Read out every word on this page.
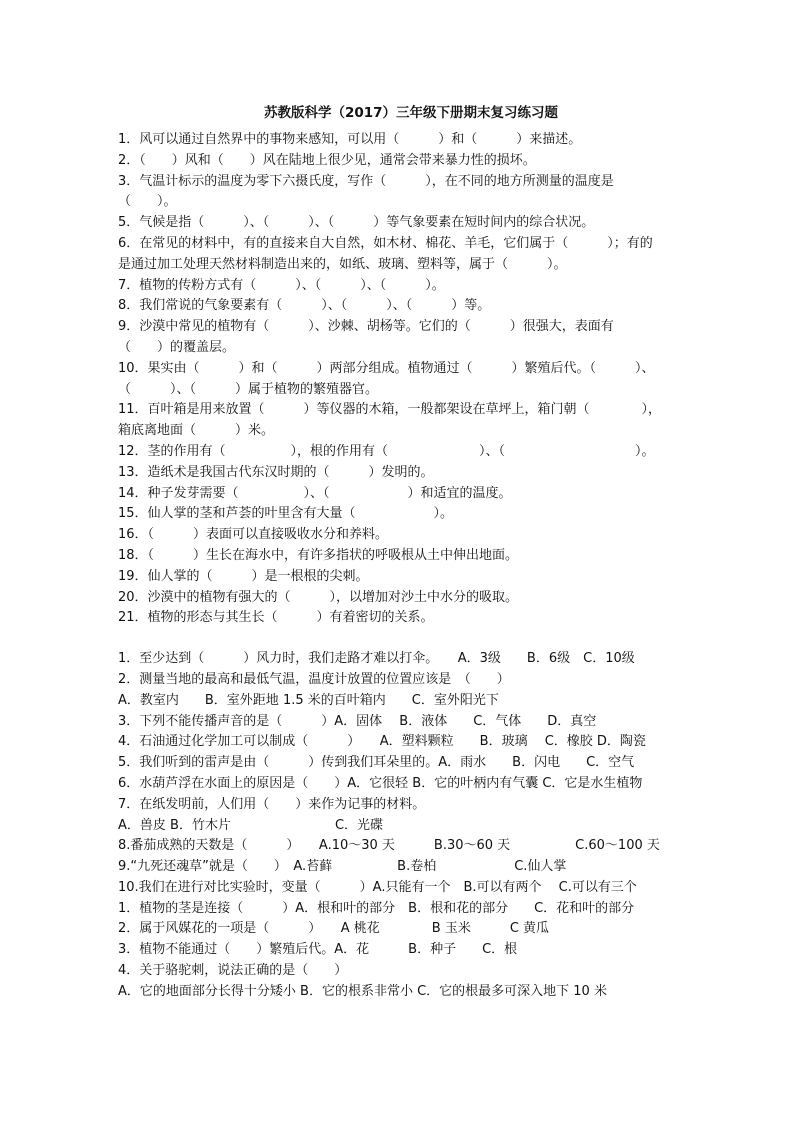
苏教版科学（2017）三年级下册期末复习练习题

1．风可以通过自然界中的事物来感知，可以用（　　　）和（　　　）来描述。

2．（　　）风和（　　）风在陆地上很少见，通常会带来暴力性的损坏。

3．气温计标示的温度为零下六摄氏度，写作（　　　），在不同的地方所测量的温度是

（　　）。

5．气候是指（　　　）、（　　　）、（　　　）等气象要素在短时间内的综合状况。

6．在常见的材料中，有的直接来自大自然，如木材、棉花、羊毛，它们属于（　　　）；有的

是通过加工处理天然材料制造出来的，如纸、玻璃、塑料等，属于（　　　）。

7．植物的传粉方式有（　　　）、（　　　）、（　　　）。

8．我们常说的气象要素有（　　　）、（　　　）、（　　　）等。

9．沙漠中常见的植物有（　　　）、沙棘、胡杨等。它们的（　　　）很强大，表面有

（　　）的覆盖层。

10．果实由（　　　）和（　　　）两部分组成。植物通过（　　　）繁殖后代。（　　　）、

（　　　）、（　　　）属于植物的繁殖器官。

11．百叶箱是用来放置（　　　）等仪器的木箱，一般都架设在草坪上，箱门朝（　　　　），

箱底离地面（　　　）米。

12．茎的作用有（　　　　　），根的作用有（　　　　　　　）、（　　　　　　　　　　）。

13．造纸术是我国古代东汉时期的（　　　）发明的。

14．种子发芽需要（　　　　　）、（　　　　　　）和适宜的温度。

15．仙人掌的茎和芦荟的叶里含有大量（　　　　　　）。

16．（　　　）表面可以直接吸收水分和养料。

18．（　　　）生长在海水中，有许多指状的呼吸根从土中伸出地面。

19．仙人掌的（　　　）是一根根的尖刺。

20．沙漠中的植物有强大的（　　　），以增加对沙土中水分的吸取。

21．植物的形态与其生长（　　　）有着密切的关系。

1．至少达到（　　　）风力时，我们走路才难以打伞。　　A．3级　　B．6级　C．10级

2．测量当地的最高和最低气温，温度计放置的位置应该是　（　　）

A．教室内　　B．室外距地 1.5 米的百叶箱内　　C．室外阳光下

3．下列不能传播声音的是（　　　）A．固体　 B．液体　　C．气体　　D．真空

4．石油通过化学加工可以制成（　　　）　　A．塑料颗粒　　B．玻璃　 C．橡胶 D．陶瓷

5．我们听到的雷声是由（　　　）传到我们耳朵里的。A．雨水　　B．闪电　　C．空气

6．水葫芦浮在水面上的原因是（　　）A．它很轻 B．它的叶柄内有气囊 C．它是水生植物

7．在纸发明前，人们用（　　）来作为记事的材料。

A．兽皮 B．竹木片　　　　　　　　C．光碟

8.番茄成熟的天数是（　　　）　　A.10～30 天　　　B.30～60 天　　　　　C.60～100 天

9.“九死还魂草”就是（　　）　A.苔藓　　　　　B.卷柏　　　　　　C.仙人掌

10.我们在进行对比实验时，变量（　　　）A.只能有一个　B.可以有两个　 C.可以有三个

1．植物的茎是连接（　　　）A．根和叶的部分　B．根和花的部分　　C．花和叶的部分

2．属于风媒花的一项是（　　　）　　A 桃花　　　　B 玉米　　　C 黄瓜

3．植物不能通过（　　）繁殖后代。A．花　　　B．种子　　C．根

4．关于骆驼刺，说法正确的是（　　）

A．它的地面部分长得十分矮小 B．它的根系非常小 C．它的根最多可深入地下 10 米
